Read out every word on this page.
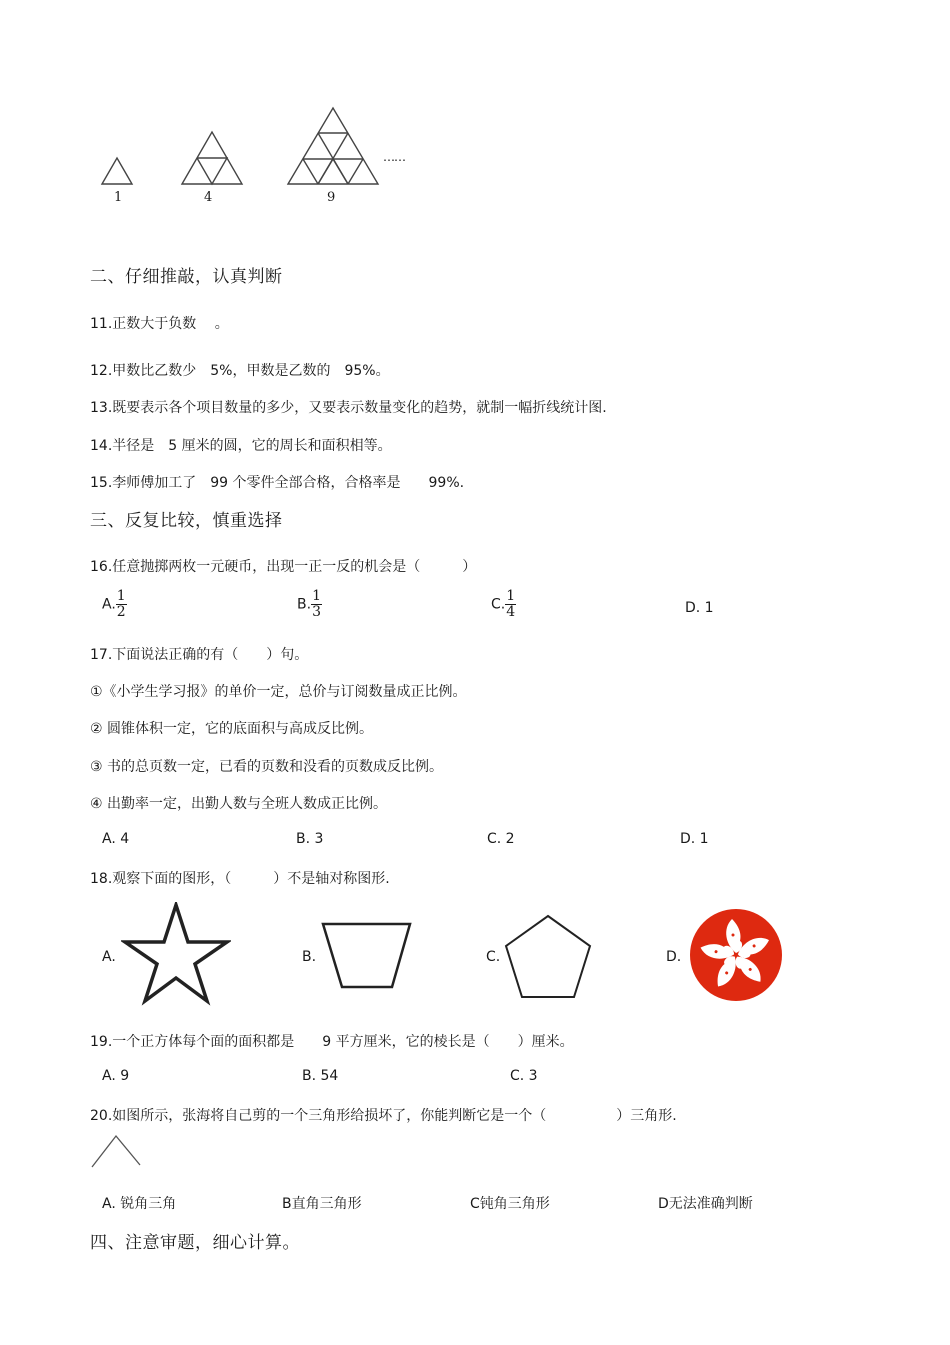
1	4	9
……
二、仔细推敲，认真判断
11.正数大于负数 　。
12.甲数比乙数少　5%，甲数是乙数的　95%。
13.既要表示各个项目数量的多少，又要表示数量变化的趋势，就制一幅折线统计图.
14.半径是　5 厘米的圆，它的周长和面积相等。
15.李师傅加工了　99 个零件全部合格，合格率是　　99%.
三、反复比较，慎重选择
16.任意抛掷两枚一元硬币，出现一正一反的机会是（　　　）
A. $\frac{1}{2}$	B. $\frac{1}{3}$	C. $\frac{1}{4}$	D. 1
17.下面说法正确的有（　　）句。
①《小学生学习报》的单价一定，总价与订阅数量成正比例。
② 圆锥体积一定，它的底面积与高成反比例。
③ 书的总页数一定，已看的页数和没看的页数成反比例。
④ 出勤率一定，出勤人数与全班人数成正比例。
A. 4	B. 3	C. 2	D. 1
18.观察下面的图形，（　　　）不是轴对称图形.
A.	B.	C.	D.
19.一个正方体每个面的面积都是　　9 平方厘米，它的棱长是（　　）厘米。
A. 9	B. 54	C. 3
20.如图所示，张海将自己剪的一个三角形给损坏了，你能判断它是一个（　　　　　）三角形.
A. 锐角三角	B直角三角形	C钝角三角形	D无法准确判断
四、注意审题，细心计算。
